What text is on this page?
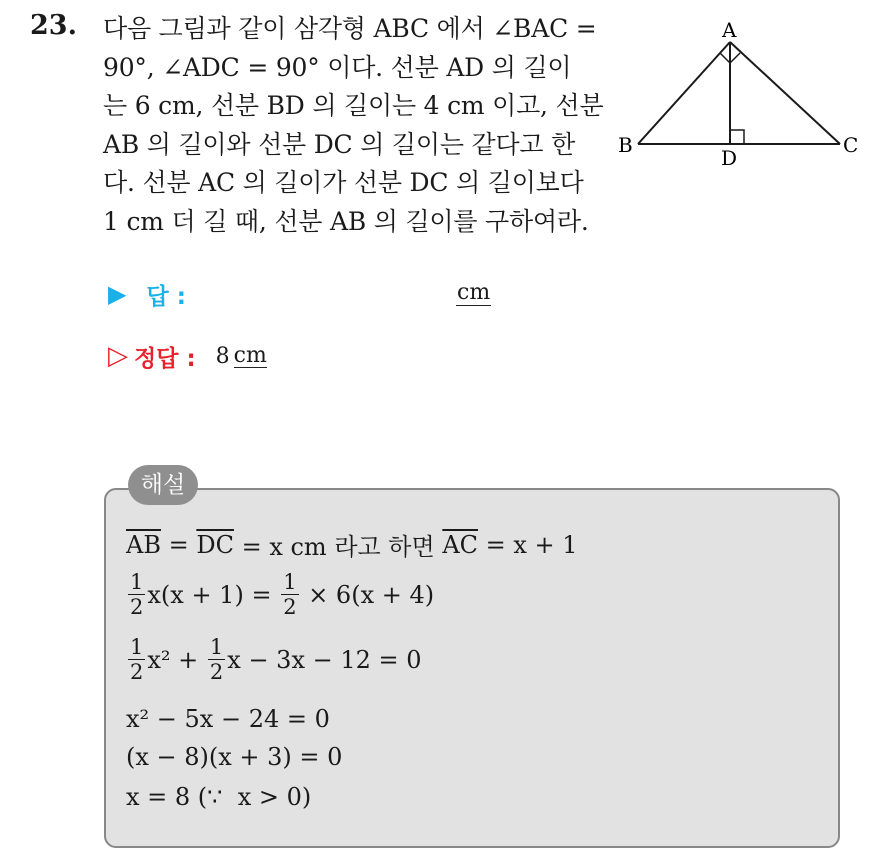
23. 다음 그림과 같이 삼각형 ABC 에서 ∠BAC =
90°, ∠ADC = 90° 이다. 선분 AD 의 길이
는 6 cm, 선분 BD 의 길이는 4 cm 이고, 선분
AB 의 길이와 선분 DC 의 길이는 같다고 한
다. 선분 AC 의 길이가 선분 DC 의 길이보다
1 cm 더 길 때, 선분 AB 의 길이를 구하여라.
A
B	C
D
▶ 답 :	cm
▷ 정답 : 8 cm
해설
$\overline{AB} = \overline{DC} = x$ cm 라고 하면 $\overline{AC} = x + 1$
$\frac{1}{2} x(x + 1) = \frac{1}{2} \times 6(x + 4)$
$\frac{1}{2} x^2 + \frac{1}{2}$ x − 3x − 12 = 0
x² − 5x − 24 = 0
(x − 8)(x + 3) = 0
x = 8 (∵  x > 0)
